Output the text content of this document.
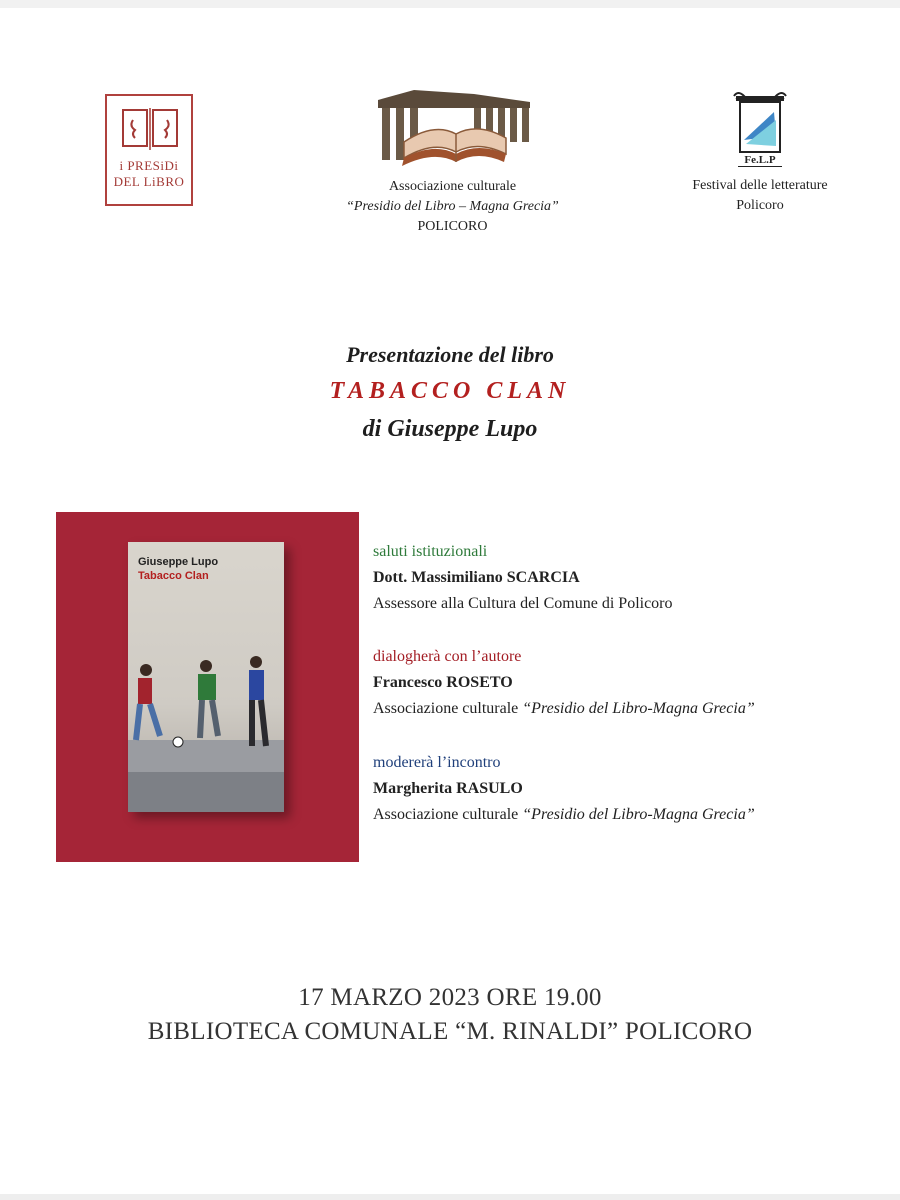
i PRESiDi
DEL LiBRO	Associazione culturale
“Presidio del Libro – Magna Grecia”
POLICORO
Fe.L.P
Festival delle letterature
Policoro
Presentazione del libro
TABACCO CLAN
di Giuseppe Lupo
Giuseppe Lupo
Tabacco Clan
saluti istituzionali
Dott. Massimiliano SCARCIA
Assessore alla Cultura del Comune di Policoro
dialogherà con l’autore
Francesco ROSETO
Associazione culturale “Presidio del Libro-Magna Grecia”
modererà l’incontro
Margherita RASULO
Associazione culturale “Presidio del Libro-Magna Grecia”
17 MARZO 2023 ORE 19.00
BIBLIOTECA COMUNALE “M. RINALDI” POLICORO
